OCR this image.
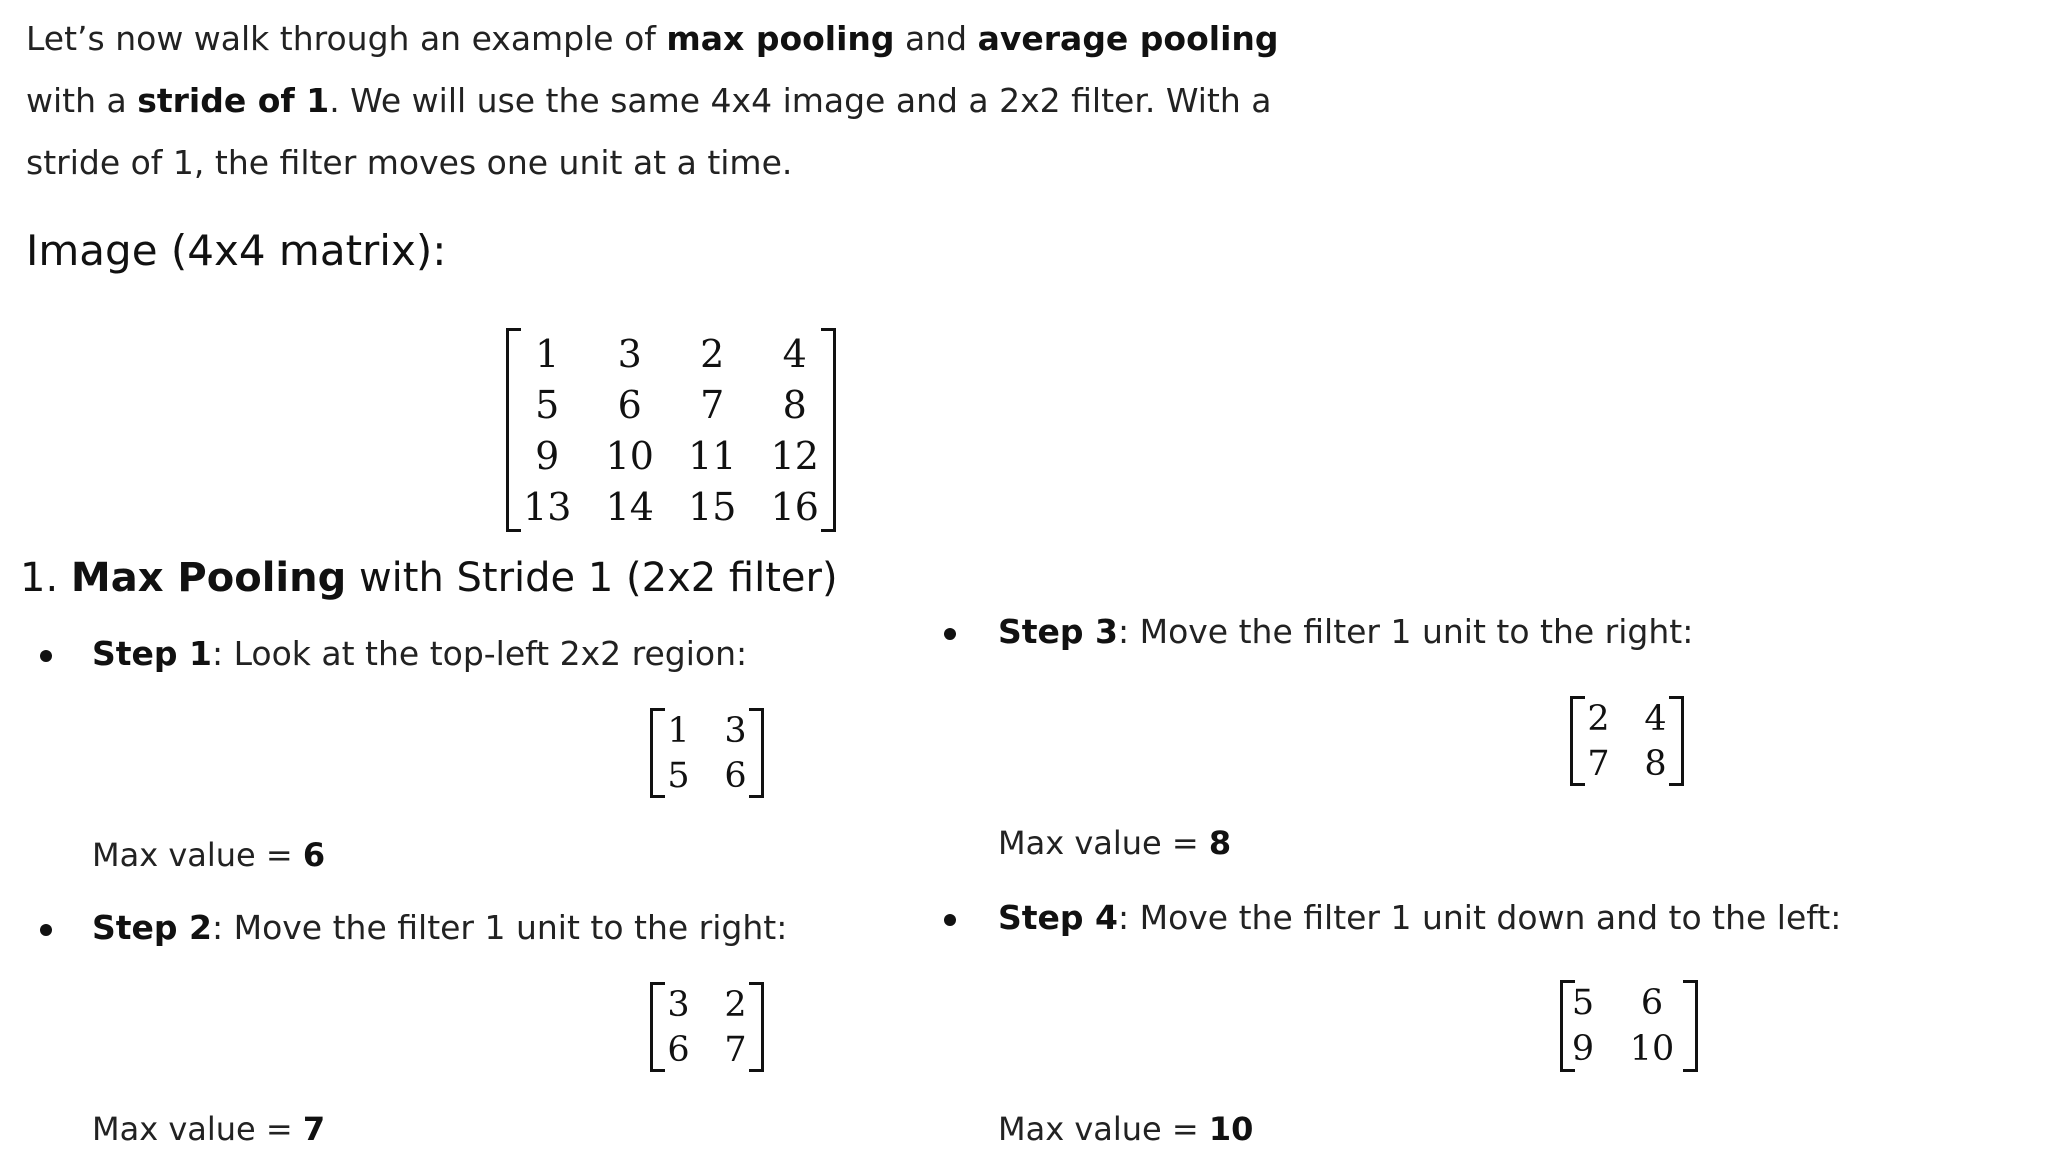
Let’s now walk through an example of max pooling and average pooling with a stride of 1. We will use the same 4x4 image and a 2x2 filter. With a stride of 1, the filter moves one unit at a time.
Image (4x4 matrix):
1	3	2	4
5	6	7	8
9	10	11	12
13	14	15	16
1. Max Pooling with Stride 1 (2x2 filter)
Step 1: Look at the top-left 2x2 region:
1	3
5	6
Max value = 6
Step 2: Move the filter 1 unit to the right:
3	2
6	7
Max value = 7
Step 3: Move the filter 1 unit to the right:
2	4
7	8
Max value = 8
Step 4: Move the filter 1 unit down and to the left:
5	6
9	10
Max value = 10
